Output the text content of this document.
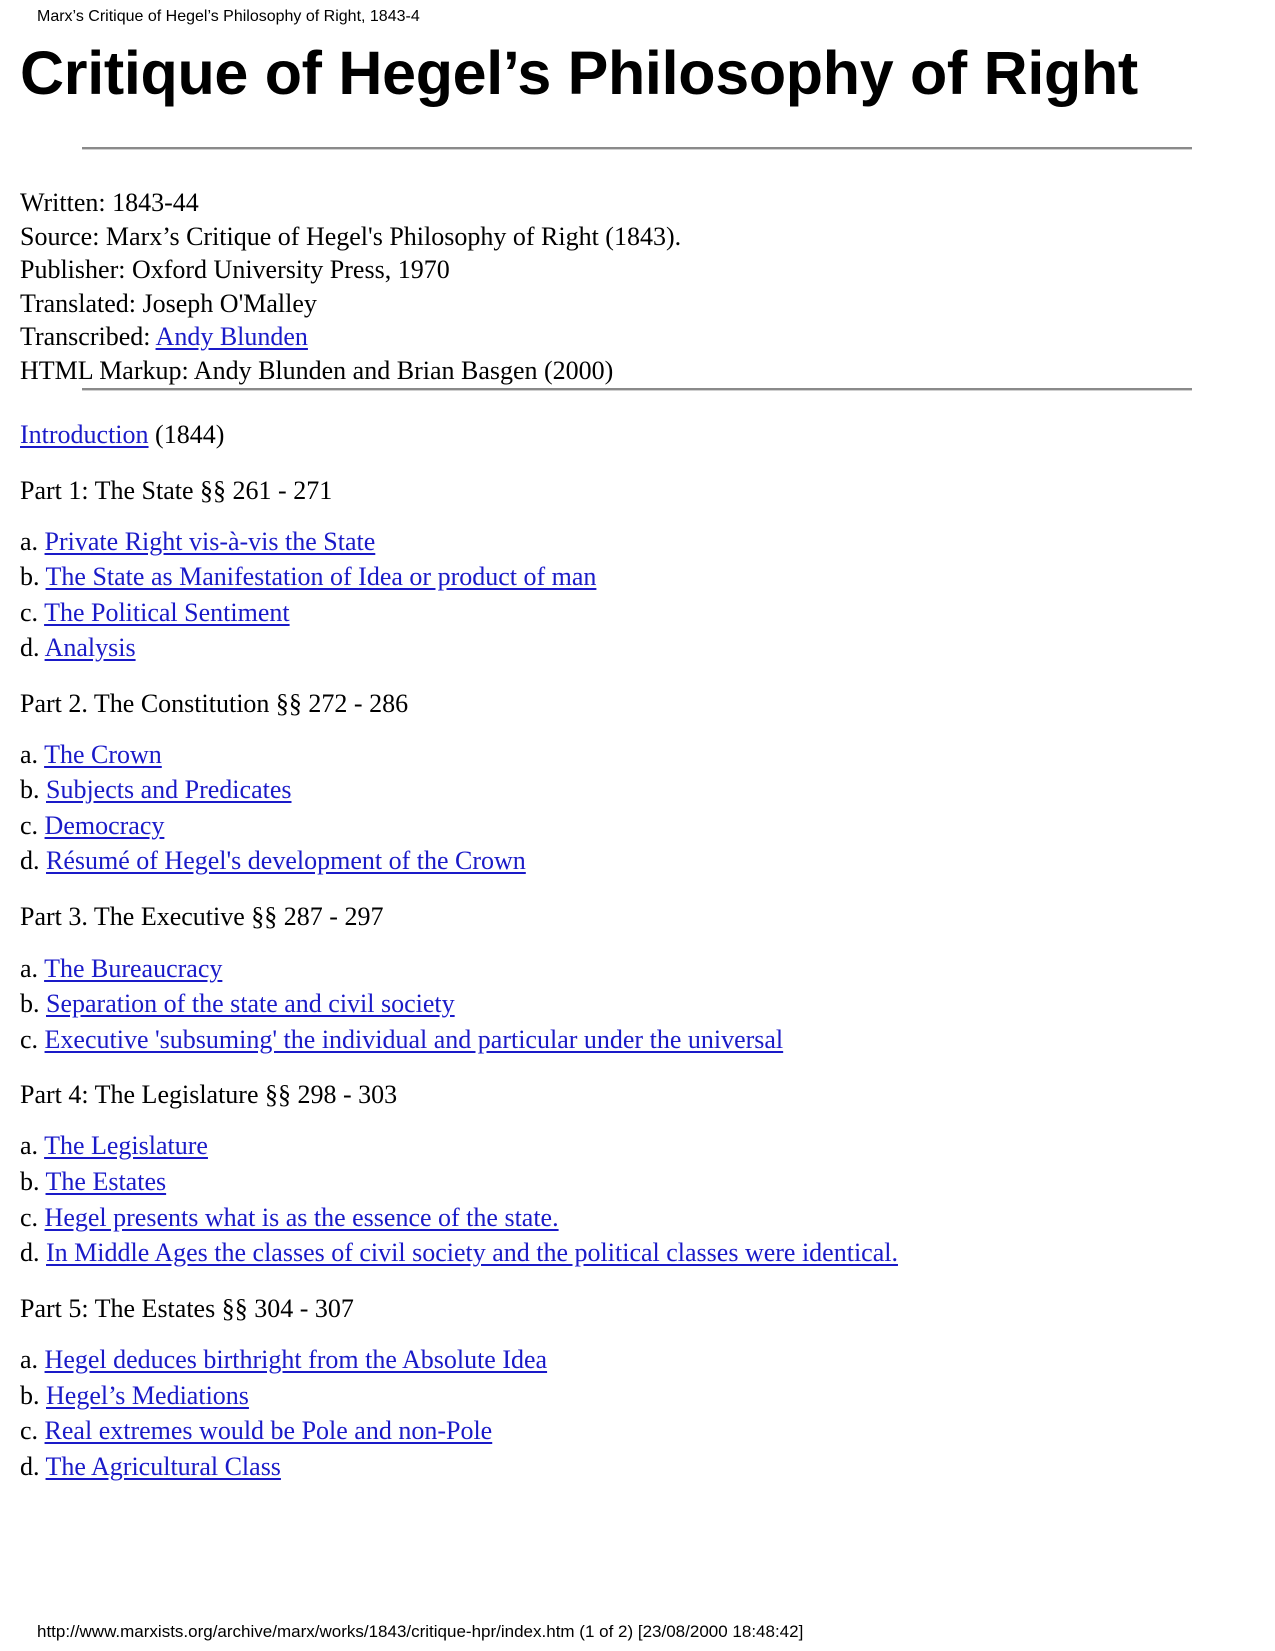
Marx’s Critique of Hegel’s Philosophy of Right, 1843-4
Critique of Hegel’s Philosophy of Right
Written: 1843-44
Source: Marx’s Critique of Hegel's Philosophy of Right (1843).
Publisher: Oxford University Press, 1970
Translated: Joseph O'Malley
Transcribed: Andy Blunden
HTML Markup: Andy Blunden and Brian Basgen (2000)
Introduction (1844)
Part 1: The State §§ 261 - 271
a. Private Right vis-à-vis the State
b. The State as Manifestation of Idea or product of man
c. The Political Sentiment
d. Analysis
Part 2. The Constitution §§ 272 - 286
a. The Crown
b. Subjects and Predicates
c. Democracy
d. Résumé of Hegel's development of the Crown
Part 3. The Executive §§ 287 - 297
a. The Bureaucracy
b. Separation of the state and civil society
c. Executive 'subsuming' the individual and particular under the universal
Part 4: The Legislature §§ 298 - 303
a. The Legislature
b. The Estates
c. Hegel presents what is as the essence of the state.
d. In Middle Ages the classes of civil society and the political classes were identical.
Part 5: The Estates §§ 304 - 307
a. Hegel deduces birthright from the Absolute Idea
b. Hegel’s Mediations
c. Real extremes would be Pole and non-Pole
d. The Agricultural Class
http://www.marxists.org/archive/marx/works/1843/critique-hpr/index.htm (1 of 2) [23/08/2000 18:48:42]
